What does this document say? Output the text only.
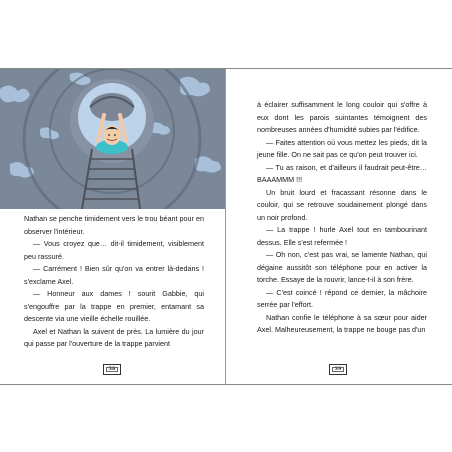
Nathan se penche timidement vers le trou béant pour en observer l'intérieur.

— Vous croyez que… dit-il timidement, visiblement peu rassuré.

— Carrément ! Bien sûr qu'on va entrer là-dedans ! s'exclame Axel.

— Honneur aux dames ! sourit Gabbie, qui s'engouffre par la trappe en premier, entamant sa descente via une vieille échelle rouillée.

Axel et Nathan la suivent de près. La lumière du jour qui passe par l'ouverture de la trappe parvient

38

à éclairer suffisamment le long couloir qui s'offre à eux dont les parois suintantes témoignent des nombreuses années d'humidité subies par l'édifice.

— Faites attention où vous mettez les pieds, dit la jeune fille. On ne sait pas ce qu'on peut trouver ici.

— Tu as raison, et d'ailleurs il faudrait peut-être… BAAAMMM !!!

Un bruit lourd et fracassant résonne dans le couloir, qui se retrouve soudainement plongé dans un noir profond.

— La trappe ! hurle Axel tout en tambourinant dessus. Elle s'est refermée !

— Oh non, c'est pas vrai, se lamente Nathan, qui dégaine aussitôt son téléphone pour en activer la torche. Essaye de la rouvrir, lance-t-il à son frère.

— C'est coincé ! répond ce dernier, la mâchoire serrée par l'effort.

Nathan confie le téléphone à sa sœur pour aider Axel. Malheureusement, la trappe ne bouge pas d'un

39
